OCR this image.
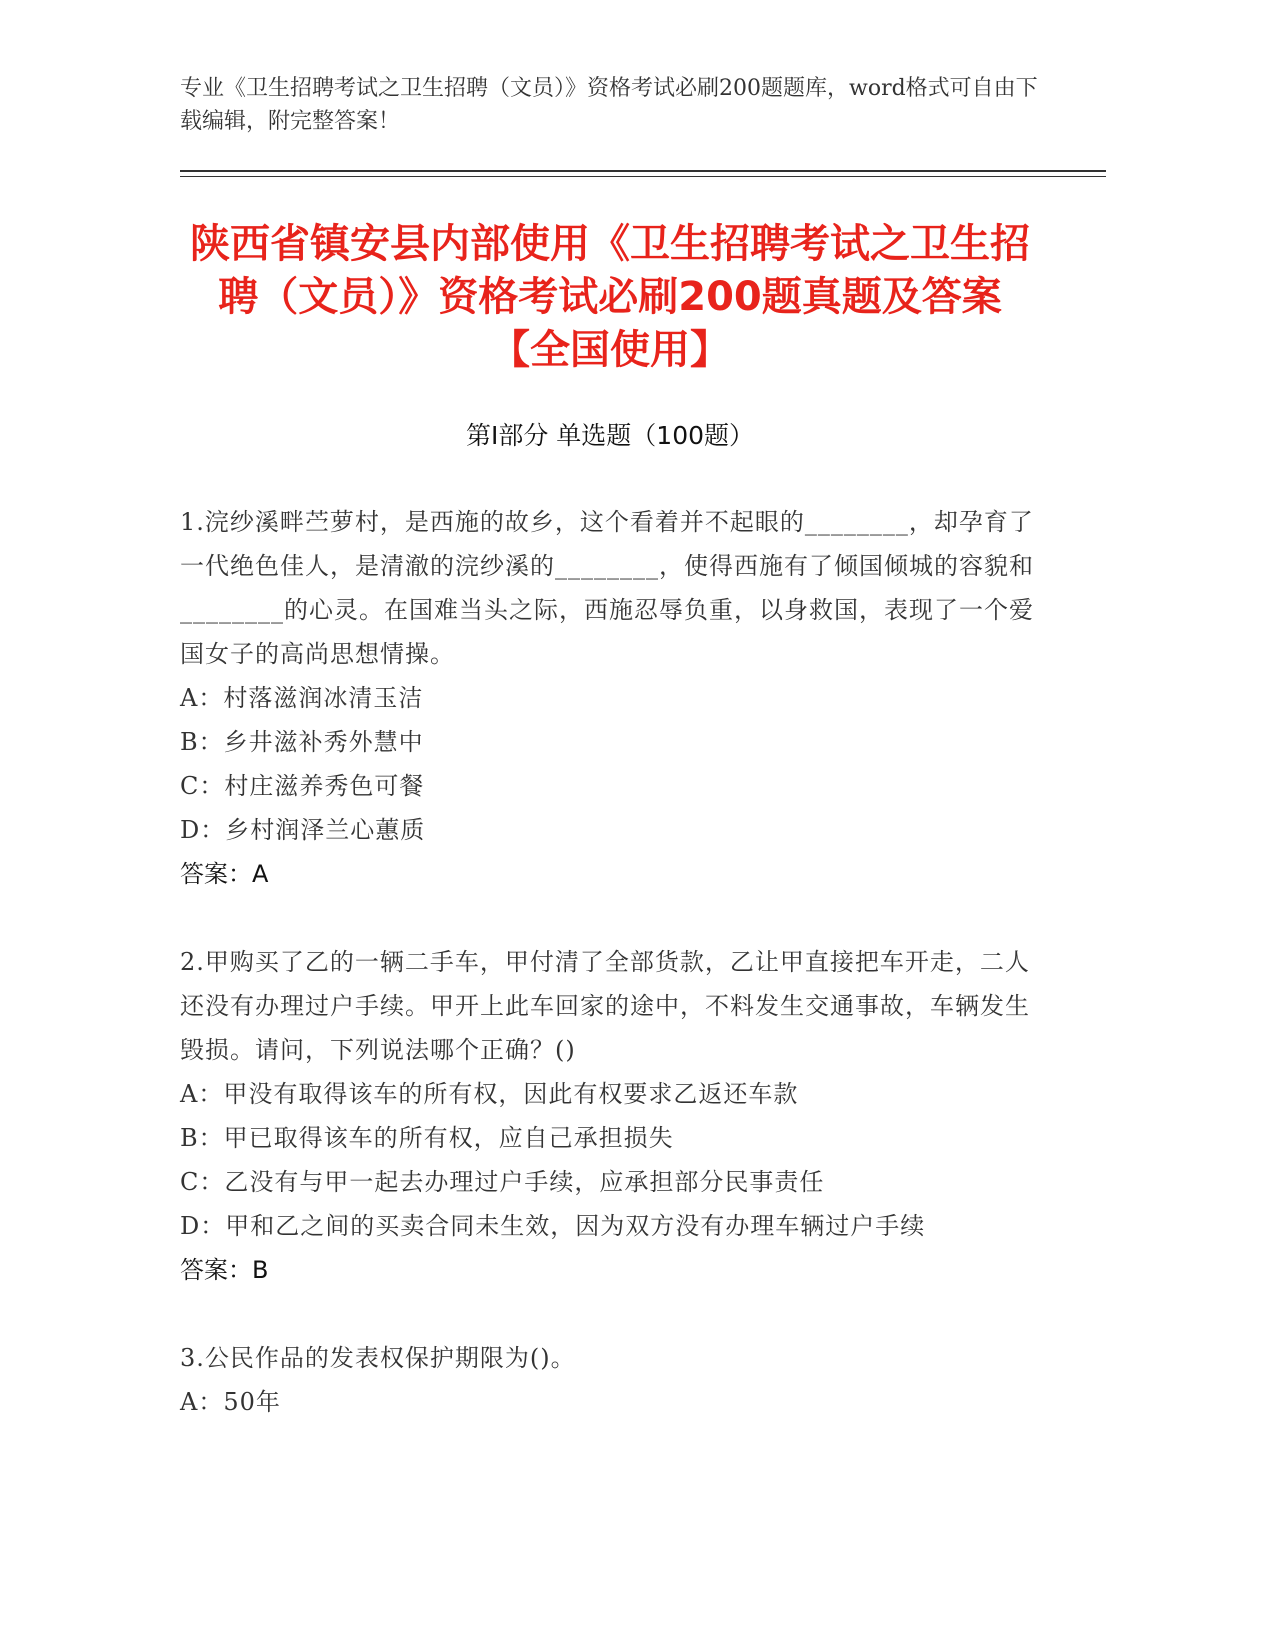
专业《卫生招聘考试之卫生招聘（文员）》资格考试必刷200题题库，word格式可自由下载编辑，附完整答案！
陕西省镇安县内部使用《卫生招聘考试之卫生招聘（文员）》资格考试必刷200题真题及答案【全国使用】
第I部分 单选题（100题）
1.浣纱溪畔苎萝村，是西施的故乡，这个看着并不起眼的________，却孕育了一代绝色佳人，是清澈的浣纱溪的________，使得西施有了倾国倾城的容貌和________的心灵。在国难当头之际，西施忍辱负重，以身救国，表现了一个爱国女子的高尚思想情操。
A：村落滋润冰清玉洁
B：乡井滋补秀外慧中
C：村庄滋养秀色可餐
D：乡村润泽兰心蕙质
答案：A
2.甲购买了乙的一辆二手车，甲付清了全部货款，乙让甲直接把车开走，二人还没有办理过户手续。甲开上此车回家的途中，不料发生交通事故，车辆发生毁损。请问，下列说法哪个正确？()
A：甲没有取得该车的所有权，因此有权要求乙返还车款
B：甲已取得该车的所有权，应自己承担损失
C：乙没有与甲一起去办理过户手续，应承担部分民事责任
D：甲和乙之间的买卖合同未生效，因为双方没有办理车辆过户手续
答案：B
3.公民作品的发表权保护期限为()。
A：50年
